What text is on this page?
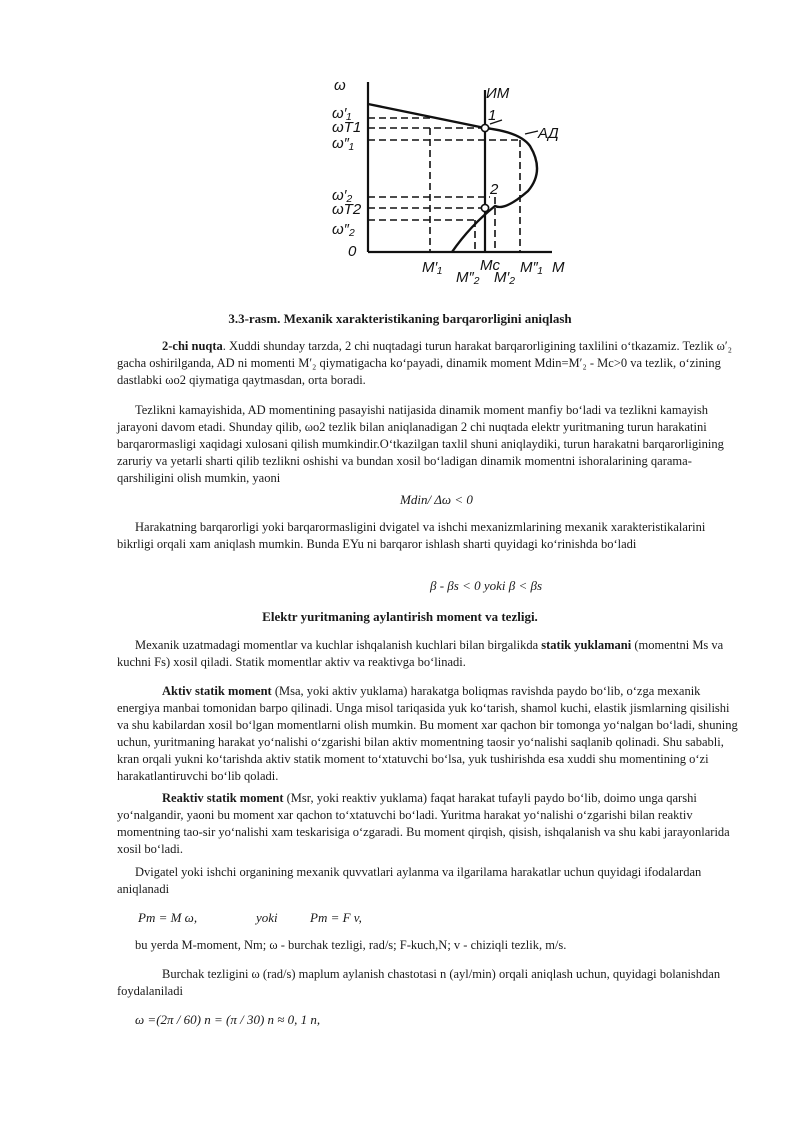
ω
ω′₁
ωT1
ω″₁
ω′₂
ωT2
ω″₂
0
ИМ
АД
1
2
M′₁
M″₂
Mc
M′₂
M″₁ M
3.3-rasm. Mexanik xarakteristikaning barqarorligini aniqlash
2-chi nuqta. Xuddi shunday tarzda, 2 chi nuqtadagi turun harakat barqarorligining taxlilini o‘tkazamiz. Tezlik ω′₂ gacha oshirilganda, AD ni momenti M′₂ qiymatigacha ko‘payadi, dinamik moment Mdin=M′₂ - Mc>0 va tezlik, o‘zining dastlabki ωo2 qiymatiga qaytmasdan, orta boradi.
Tezlikni kamayishida, AD momentining pasayishi natijasida dinamik moment manfiy bo‘ladi va tezlikni kamayish jarayoni davom etadi. Shunday qilib, ωo2 tezlik bilan aniqlanadigan 2 chi nuqtada elektr yuritmaning turun harakatini barqarormasligi xaqidagi xulosani qilish mumkindir.O‘tkazilgan taxlil shuni aniqlaydiki, turun harakatni barqarorligining zaruriy va yetarli sharti qilib tezlikni oshishi va bundan xosil bo‘ladigan dinamik momentni ishoralarining qarama-qarshiligini olish mumkin, yaoni
Mdin/ Δω < 0
Harakatning barqarorligi yoki barqarormasligini dvigatel va ishchi mexanizmlarining mexanik xarakteristikalarini bikrligi orqali xam aniqlash mumkin. Bunda EYu ni barqaror ishlash sharti quyidagi ko‘rinishda bo‘ladi
β - βs < 0 yoki β < βs
Elektr yuritmaning aylantirish moment va tezligi.
Mexanik uzatmadagi momentlar va kuchlar ishqalanish kuchlari bilan birgalikda statik yuklamani (momentni Ms va kuchni Fs) xosil qiladi. Statik momentlar aktiv va reaktivga bo‘linadi.
Aktiv statik moment (Msa, yoki aktiv yuklama) harakatga boliqmas ravishda paydo bo‘lib, o‘zga mexanik energiya manbai tomonidan barpo qilinadi. Unga misol tariqasida yuk ko‘tarish, shamol kuchi, elastik jismlarning qisilishi va shu kabilardan xosil bo‘lgan momentlarni olish mumkin. Bu moment xar qachon bir tomonga yo‘nalgan bo‘ladi, shuning uchun, yuritmaning harakat yo‘nalishi o‘zgarishi bilan aktiv momentning taosir yo‘nalishi saqlanib qolinadi. Shu sababli, kran orqali yukni ko‘tarishda aktiv statik moment to‘xtatuvchi bo‘lsa, yuk tushirishda esa xuddi shu momentining o‘zi harakatlantiruvchi bo‘lib qoladi.
Reaktiv statik moment (Msr, yoki reaktiv yuklama) faqat harakat tufayli paydo bo‘lib, doimo unga qarshi yo‘nalgandir, yaoni bu moment xar qachon to‘xtatuvchi bo‘ladi. Yuritma harakat yo‘nalishi o‘zgarishi bilan reaktiv momentning tao-sir yo‘nalishi xam teskarisiga o‘zgaradi. Bu moment qirqish, qisish, ishqalanish va shu kabi jarayonlarida xosil bo‘ladi.
Dvigatel yoki ishchi organining mexanik quvvatlari aylanma va ilgarilama harakatlar uchun quyidagi ifodalardan aniqlanadi
Pm = M ω,	yoki Pm = F v,
bu yerda M-moment, Nm; ω - burchak tezligi, rad/s; F-kuch,N; v - chiziqli tezlik, m/s.
Burchak tezligini ω (rad/s) maplum aylanish chastotasi n (ayl/min) orqali aniqlash uchun, quyidagi bolanishdan foydalaniladi
ω =(2π / 60) n = (π / 30) n ≈ 0, 1 n,
